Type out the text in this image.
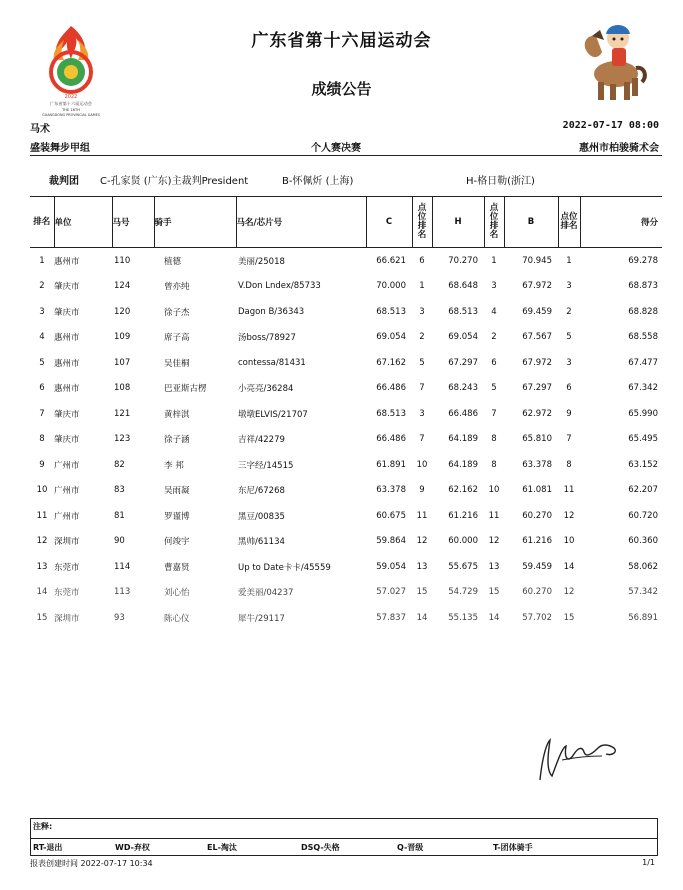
2022
广东省第十六届运动会
THE 16TH
GUANGDONG PROVINCIAL GAMES
广东省第十六届运动会
成绩公告
马术	2022-07-17 08:00
盛装舞步甲组	个人赛决赛	惠州市柏骏骑术会
裁判团 C-孔家贤 (广东)主裁判President	B-怀佩炘 (上海)	H-格日勒(浙江)
排名	单位	马号	骑手	马名/芯片号	C	点位排名	H	点位排名	B	点位排名	得分
1	惠州市	110	植德	美丽/25018	66.621	6	70.270	1	70.945	1	69.278
2	肇庆市	124	曾亦纯	V.Don Lndex/85733	70.000	1	68.648	3	67.972	3	68.873
3	肇庆市	120	徐子杰	Dagon B/36343	68.513	3	68.513	4	69.459	2	68.828
4	惠州市	109	席子高	汤boss/78927	69.054	2	69.054	2	67.567	5	68.558
5	惠州市	107	吴佳桐	contessa/81431	67.162	5	67.297	6	67.972	3	67.477
6	惠州市	108	巴亚斯古楞	小亮亮/36284	66.486	7	68.243	5	67.297	6	67.342
7	肇庆市	121	黄梓淇	墩墩ELVIS/21707	68.513	3	66.486	7	62.972	9	65.990
8	肇庆市	123	徐子涵	吉祥/42279	66.486	7	64.189	8	65.810	7	65.495
9	广州市	82	李 邦	三字经/14515	61.891	10	64.189	8	63.378	8	63.152
10	广州市	83	吴雨凝	东尼/67268	63.378	9	62.162	10	61.081	11	62.207
11	广州市	81	罗谨博	黑豆/00835	60.675	11	61.216	11	60.270	12	60.720
12	深圳市	90	何竣宇	黑帅/61134	59.864	12	60.000	12	61.216	10	60.360
13	东莞市	114	曹嘉贤	Up to Date卡卡/45559	59.054	13	55.675	13	59.459	14	58.062
14	东莞市	113	刘心怡	爱美丽/04237	57.027	15	54.729	15	60.270	12	57.342
15	深圳市	93	陈心仪	犀牛/29117	57.837	14	55.135	14	57.702	15	56.891
注释:
RT-退出	WD-弃权	EL-淘汰	DSQ-失格	Q-晋级	T-团体骑手
报表创建时间 2022-07-17 10:34	1/1
